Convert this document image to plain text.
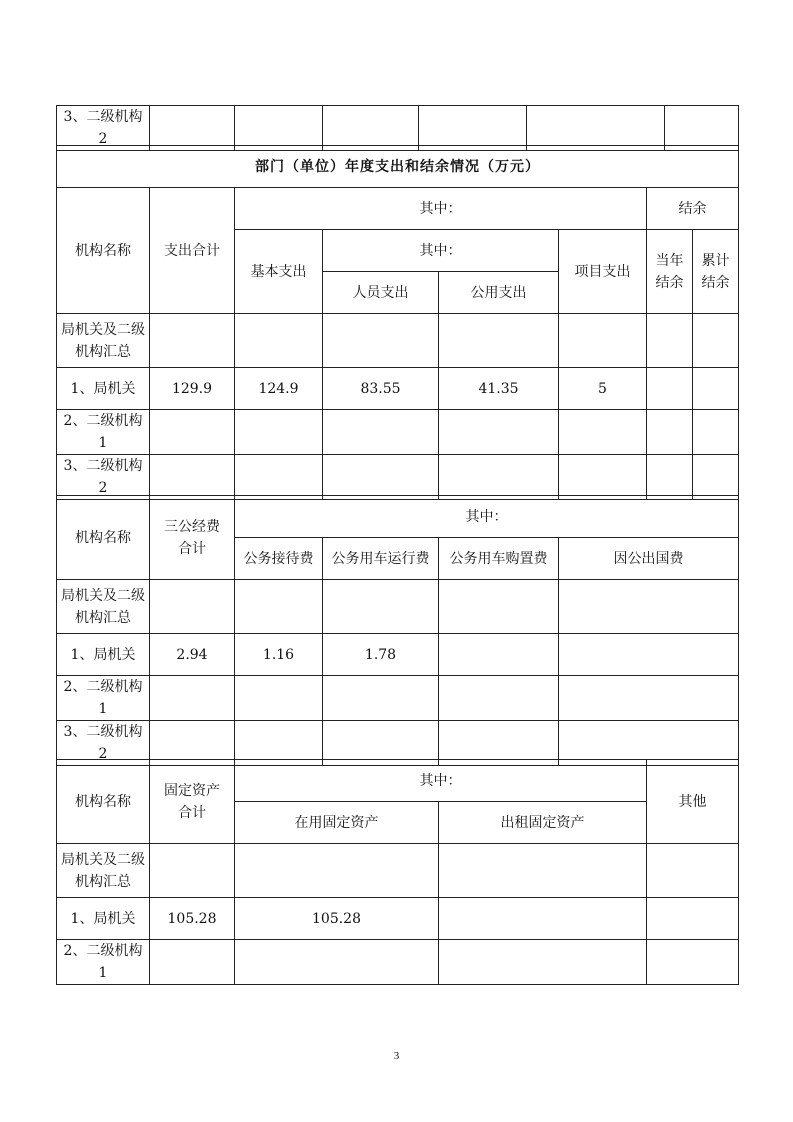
3、二级机构 2						
部门（单位）年度支出和结余情况（万元）							
机构名称	支出合计	其中：				结余	
		基本支出	其中：		项目支出	当年结余	累计结余
			人员支出	公用支出			
局机关及二级机构汇总							
1、局机关	129.9	124.9	83.55	41.35	5		
2、二级机构 1							
3、二级机构 2							
机构名称	三公经费合计	其中：			
		公务接待费	公务用车运行费	公务用车购置费	因公出国费
局机关及二级机构汇总					
1、局机关	2.94	1.16	1.78		
2、二级机构 1					
3、二级机构 2					
机构名称	固定资产合计	其中：		其他
		在用固定资产	出租固定资产	
局机关及二级机构汇总				
1、局机关	105.28	105.28		
2、二级机构 1				
3
